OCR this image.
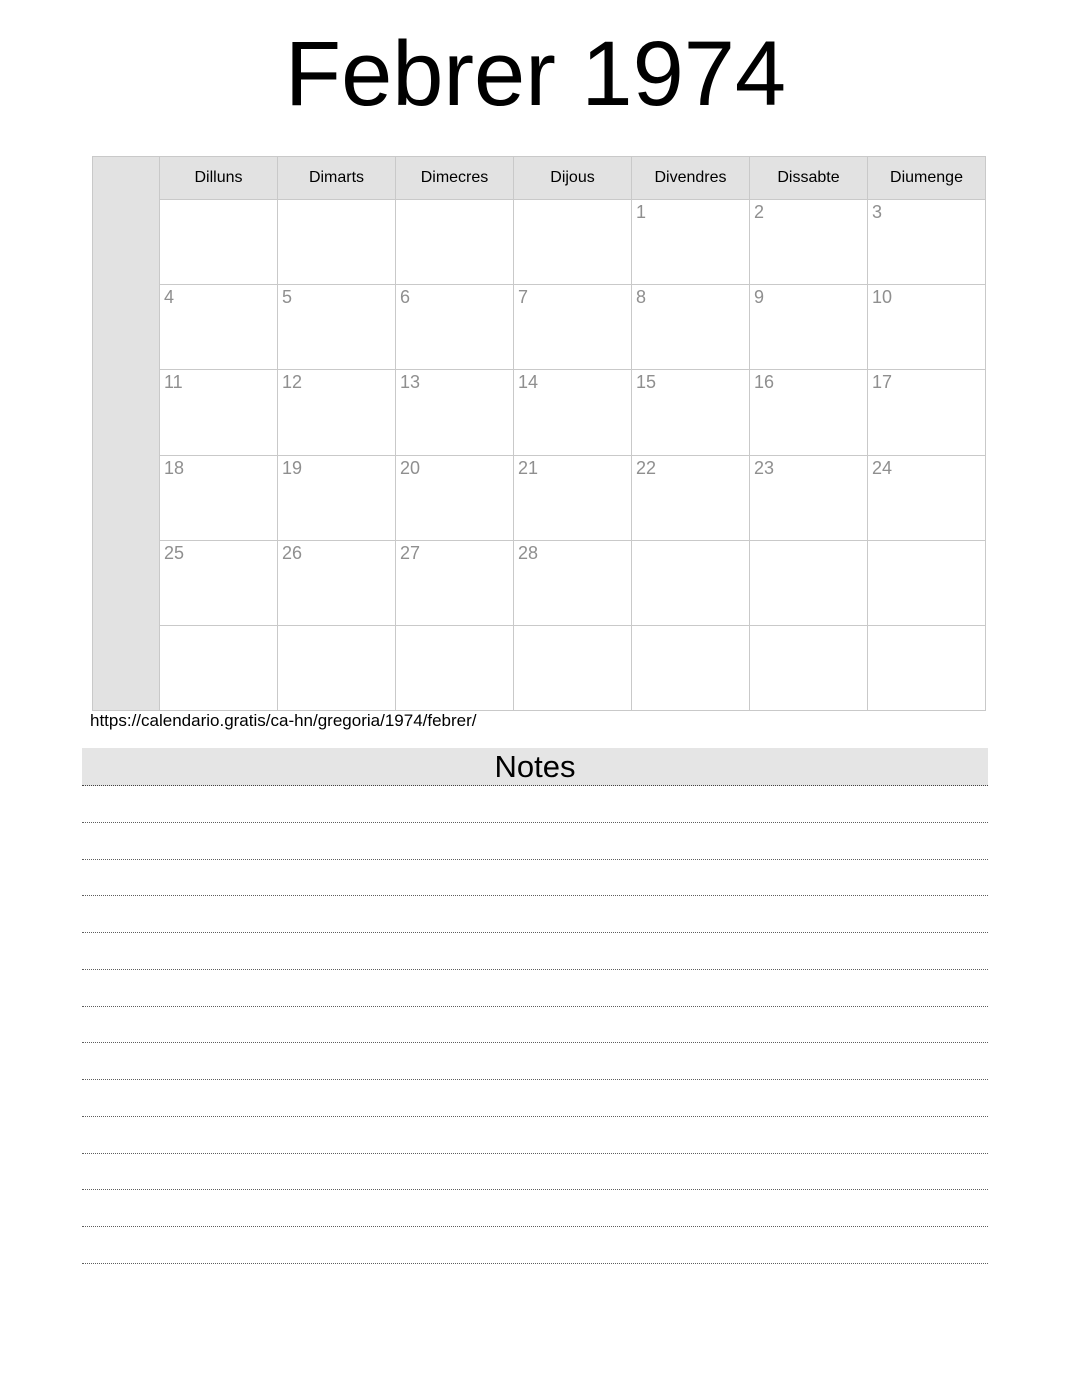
Febrer 1974
	Dilluns	Dimarts	Dimecres	Dijous	Divendres	Dissabte	Diumenge

					1	2	3

	4	5	6	7	8	9	10

	11	12	13	14	15	16	17

	18	19	20	21	22	23	24

	25	26	27	28			

https://calendario.gratis/ca-hn/gregoria/1974/febrer/
Notes
